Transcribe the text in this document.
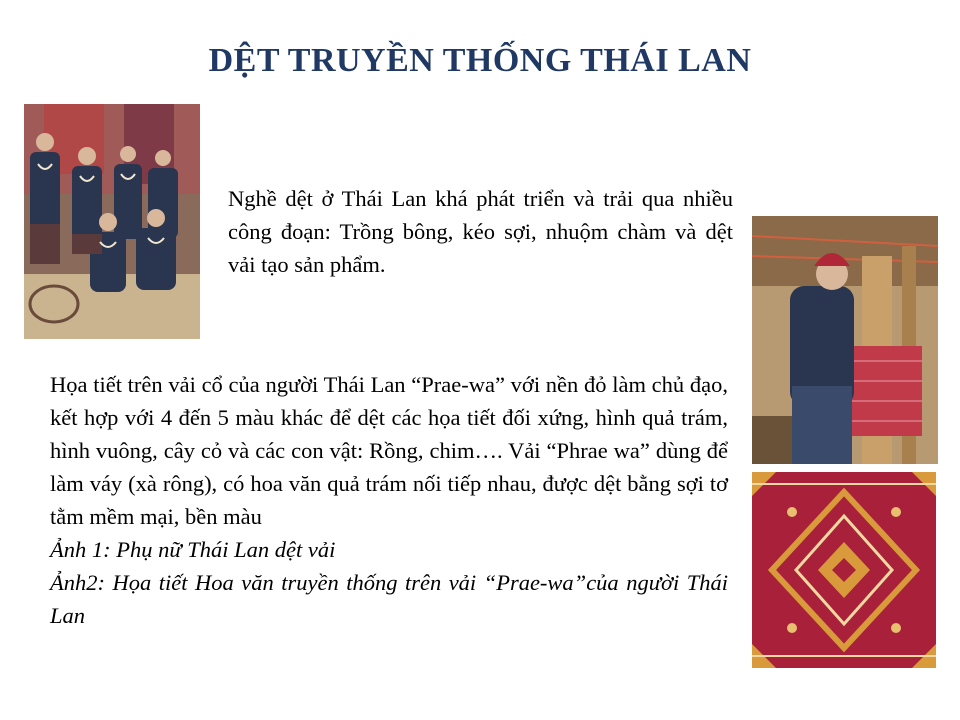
DỆT TRUYỀN THỐNG THÁI LAN
Nghề dệt ở Thái Lan khá phát triển và trải qua nhiều công đoạn: Trồng bông, kéo sợi, nhuộm chàm và dệt vải tạo sản phẩm.
Họa tiết trên vải cổ của người Thái Lan “Prae-wa” với nền đỏ làm chủ đạo, kết hợp với 4 đến 5 màu khác để dệt các họa tiết đối xứng, hình quả trám, hình vuông, cây cỏ và các con vật: Rồng, chim…. Vải “Phrae wa” dùng để làm váy (xà rông), có hoa văn quả trám nối tiếp nhau, được dệt bằng sợi tơ tằm mềm mại, bền màu
Ảnh 1: Phụ nữ Thái Lan dệt vải
Ảnh2: Họa tiết Hoa văn truyền thống trên vải “Prae-wa”của người Thái Lan
